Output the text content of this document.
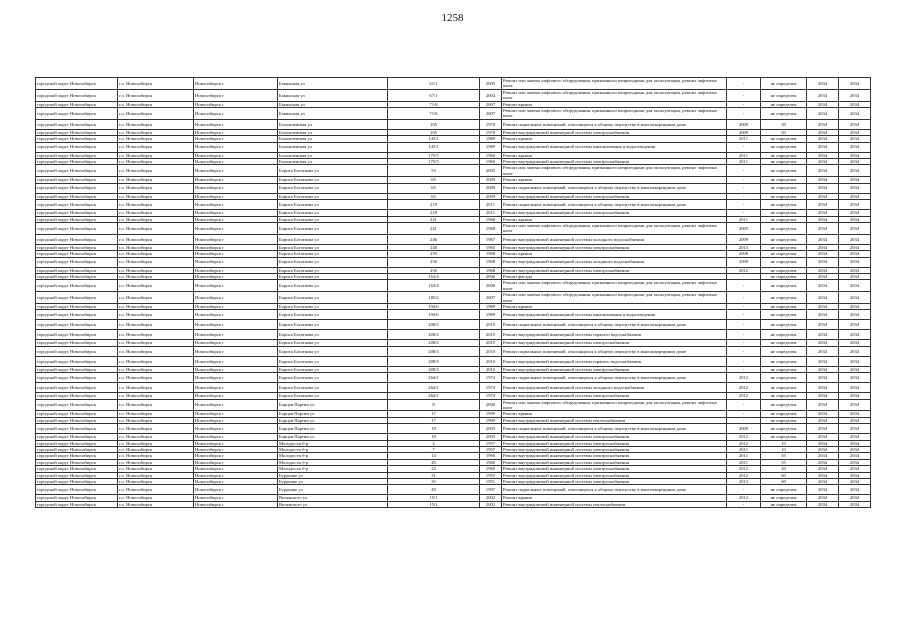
1258
городской округ Новосибирск	г.о. Новосибирск	Новосибирск г	Бакинская ул	61/1	2005	Ремонт или замена лифтового оборудования, признанного непригодным для эксплуатации, ремонт лифтовых шахт	-	не определен	2034	2034
городской округ Новосибирск	г.о. Новосибирск	Новосибирск г	Бакинская ул	67/1	2004	Ремонт или замена лифтового оборудования, признанного непригодным для эксплуатации, ремонт лифтовых шахт	-	не определен	2034	2034
городской округ Новосибирск	г.о. Новосибирск	Новосибирск г	Бакинская ул	71/6	2007	Ремонт крыши	-	не определен	2034	2034
городской округ Новосибирск	г.о. Новосибирск	Новосибирск г	Бакинская ул	71/6	2007	Ремонт или замена лифтового оборудования, признанного непригодным для эксплуатации, ремонт лифтовых шахт	-	не определен	2034	2034
городской округ Новосибирск	г.о. Новосибирск	Новосибирск г	Балхашевская ул	105	1970	Ремонт подвальных помещений, относящихся к общему имуществу в многоквартирном доме	2009	39	2034	2034
городской округ Новосибирск	г.о. Новосибирск	Новосибирск г	Балхашевская ул	105	1970	Ремонт внутридомовой инженерной системы электроснабжения	2009	50	2034	2034
городской округ Новосибирск	г.о. Новосибирск	Новосибирск г	Балхашевская ул	145/1	1989	Ремонт крыши	2011	не определен	2034	2034
городской округ Новосибирск	г.о. Новосибирск	Новосибирск г	Балхашевская ул	145/1	1989	Ремонт внутридомовой инженерной системы канализования и водоотведения	-	не определен	2034	2034
городской округ Новосибирск	г.о. Новосибирск	Новосибирск г	Балхашевская ул	175/5	1960	Ремонт крыши	2011	не определен	2034	2034
городской округ Новосибирск	г.о. Новосибирск	Новосибирск г	Балхашевская ул	175/5	1960	Ремонт внутридомовой инженерной системы электроснабжения	2011	не определен	2034	2034
городской округ Новосибирск	г.о. Новосибирск	Новосибирск г	Бориса Богаткова ул	53	2005	Ремонт или замена лифтового оборудования, признанного непригодным для эксплуатации, ремонт лифтовых шахт	-	не определен	2034	2034
городской округ Новосибирск	г.о. Новосибирск	Новосибирск г	Бориса Богаткова ул	65	2009	Ремонт крыши	-	не определен	2034	2034
городской округ Новосибирск	г.о. Новосибирск	Новосибирск г	Бориса Богаткова ул	65	2009	Ремонт подвальных помещений, относящихся к общему имуществу в многоквартирном доме	-	не определен	2034	2034
городской округ Новосибирск	г.о. Новосибирск	Новосибирск г	Бориса Богаткова ул	65	2009	Ремонт внутридомовой инженерной системы электроснабжения	-	не определен	2034	2034
городской округ Новосибирск	г.о. Новосибирск	Новосибирск г	Бориса Богаткова ул	218	2011	Ремонт подвальных помещений, относящихся к общему имуществу в многоквартирном доме	-	не определен	2034	2034
городской округ Новосибирск	г.о. Новосибирск	Новосибирск г	Бориса Богаткова ул	218	2011	Ремонт внутридомовой инженерной системы электроснабжения	-	не определен	2034	2034
городской округ Новосибирск	г.о. Новосибирск	Новосибирск г	Бориса Богаткова ул	241	1968	Ремонт крыши	2011	не определен	2034	2034
городской округ Новосибирск	г.о. Новосибирск	Новосибирск г	Бориса Богаткова ул	241	1968	Ремонт или замена лифтового оборудования, признанного непригодным для эксплуатации, ремонт лифтовых шахт	2005	не определен	2034	2034
городской округ Новосибирск	г.о. Новосибирск	Новосибирск г	Бориса Богаткова ул	246	1967	Ремонт внутридомовой инженерной системы холодного водоснабжения	2009	не определен	2034	2034
городской округ Новосибирск	г.о. Новосибирск	Новосибирск г	Бориса Богаткова ул	248	1965	Ремонт внутридомовой инженерной системы электроснабжения	2013	не определен	2034	2034
городской округ Новосибирск	г.о. Новосибирск	Новосибирск г	Бориса Богаткова ул	250	1968	Ремонт крыши	2008	не определен	2034	2034
городской округ Новосибирск	г.о. Новосибирск	Новосибирск г	Бориса Богаткова ул	250	1968	Ремонт внутридомовой инженерной системы холодного водоснабжения	2009	не определен	2034	2034
городской округ Новосибирск	г.о. Новосибирск	Новосибирск г	Бориса Богаткова ул	250	1968	Ремонт внутридомовой инженерной системы электроснабжения	2012	не определен	2034	2034
городской округ Новосибирск	г.о. Новосибирск	Новосибирск г	Бориса Богаткова ул	163/4	2006	Ремонт фасада	-	не определен	2034	2034
городской округ Новосибирск	г.о. Новосибирск	Новосибирск г	Бориса Богаткова ул	163/4	2006	Ремонт или замена лифтового оборудования, признанного непригодным для эксплуатации, ремонт лифтовых шахт	-	не определен	2034	2034
городской округ Новосибирск	г.о. Новосибирск	Новосибирск г	Бориса Богаткова ул	185/2	2007	Ремонт или замена лифтового оборудования, признанного непригодным для эксплуатации, ремонт лифтовых шахт	-	не определен	2034	2034
городской округ Новосибирск	г.о. Новосибирск	Новосибирск г	Бориса Богаткова ул	194/6	1989	Ремонт крыши	-	не определен	2034	2034
городской округ Новосибирск	г.о. Новосибирск	Новосибирск г	Бориса Богаткова ул	194/6	1989	Ремонт внутридомовой инженерной системы канализования и водоотведения	-	не определен	2034	2034
городской округ Новосибирск	г.о. Новосибирск	Новосибирск г	Бориса Богаткова ул	208/2	2010	Ремонт подвальных помещений, относящихся к общему имуществу в многоквартирном доме	-	не определен	2034	2034
городской округ Новосибирск	г.о. Новосибирск	Новосибирск г	Бориса Богаткова ул	208/2	2010	Ремонт внутридомовой инженерной системы горячего водоснабжения	-	не определен	2034	2034
городской округ Новосибирск	г.о. Новосибирск	Новосибирск г	Бориса Богаткова ул	208/2	2010	Ремонт внутридомовой инженерной системы электроснабжения	-	не определен	2034	2034
городской округ Новосибирск	г.о. Новосибирск	Новосибирск г	Бориса Богаткова ул	208/3	2010	Ремонт подвальных помещений, относящихся к общему имуществу в многоквартирном доме	-	не определен	2034	2034
городской округ Новосибирск	г.о. Новосибирск	Новосибирск г	Бориса Богаткова ул	208/3	2010	Ремонт внутридомовой инженерной системы горячего водоснабжения	-	не определен	2034	2034
городской округ Новосибирск	г.о. Новосибирск	Новосибирск г	Бориса Богаткова ул	208/3	2010	Ремонт внутридомовой инженерной системы электроснабжения	-	не определен	2034	2034
городской округ Новосибирск	г.о. Новосибирск	Новосибирск г	Бориса Богаткова ул	264/1	1974	Ремонт подвальных помещений, относящихся к общему имуществу в многоквартирном доме	2012	не определен	2034	2034
городской округ Новосибирск	г.о. Новосибирск	Новосибирск г	Бориса Богаткова ул	264/1	1974	Ремонт внутридомовой инженерной системы холодного водоснабжения	2012	не определен	2034	2034
городской округ Новосибирск	г.о. Новосибирск	Новосибирск г	Бориса Богаткова ул	264/1	1974	Ремонт внутридомовой инженерной системы электроснабжения	2012	не определен	2034	2034
городской округ Новосибирск	г.о. Новосибирск	Новосибирск г	Борцов Партии ул	8	2006	Ремонт или замена лифтового оборудования, признанного непригодным для эксплуатации, ремонт лифтовых шахт	-	не определен	2034	2034
городской округ Новосибирск	г.о. Новосибирск	Новосибирск г	Борцов Партии ул	17	1999	Ремонт крыши	-	не определен	2034	2034
городской округ Новосибирск	г.о. Новосибирск	Новосибирск г	Борцов Партии ул	17	1999	Ремонт внутридомовой инженерной системы теплоснабжения	-	не определен	2034	2034
городской округ Новосибирск	г.о. Новосибирск	Новосибирск г	Борцов Партии ул	18	2005	Ремонт подвальных помещений, относящихся к общему имуществу в многоквартирном доме	2009	не определен	2034	2034
городской округ Новосибирск	г.о. Новосибирск	Новосибирск г	Борцов Партии ул	18	2005	Ремонт внутридомовой инженерной системы электроснабжения	2012	не определен	2034	2034
городской округ Новосибирск	г.о. Новосибирск	Новосибирск г	Молодости б-р	2	1957	Ремонт внутридомовой инженерной системы электроснабжения	2012	10	2034	2034
городской округ Новосибирск	г.о. Новосибирск	Новосибирск г	Молодости б-р	7	1957	Ремонт внутридомовой инженерной системы электроснабжения	2011	10	2034	2034
городской округ Новосибирск	г.о. Новосибирск	Новосибирск г	Молодости б-р	14	1960	Ремонт внутридомовой инженерной системы электроснабжения	2011	55	2034	2034
городской округ Новосибирск	г.о. Новосибирск	Новосибирск г	Молодости б-р	20	1960	Ремонт внутридомовой инженерной системы электроснабжения	2011	55	2034	2034
городской округ Новосибирск	г.о. Новосибирск	Новосибирск г	Молодости б-р	22	1960	Ремонт внутридомовой инженерной системы электроснабжения	2012	20	2034	2034
городской округ Новосибирск	г.о. Новосибирск	Новосибирск г	Бурденко ул	31	1955	Ремонт внутридомовой инженерной системы электроснабжения	2012	60	2034	2034
городской округ Новосибирск	г.о. Новосибирск	Новосибирск г	Бурденко ул	35	1951	Ремонт внутридомовой инженерной системы электроснабжения	2013	60	2034	2034
городской округ Новосибирск	г.о. Новосибирск	Новосибирск г	Бурденко ул	49	1997	Ремонт подвальных помещений, относящихся к общему имуществу в многоквартирном доме	-	не определен	2034	2034
городской округ Новосибирск	г.о. Новосибирск	Новосибирск г	Виленского ул	15/1	2002	Ремонт крыши	2012	не определен	2034	2034
городской округ Новосибирск	г.о. Новосибирск	Новосибирск г	Виленского ул	15/1	2002	Ремонт внутридомовой инженерной системы теплоснабжения	-	не определен	2034	2034
